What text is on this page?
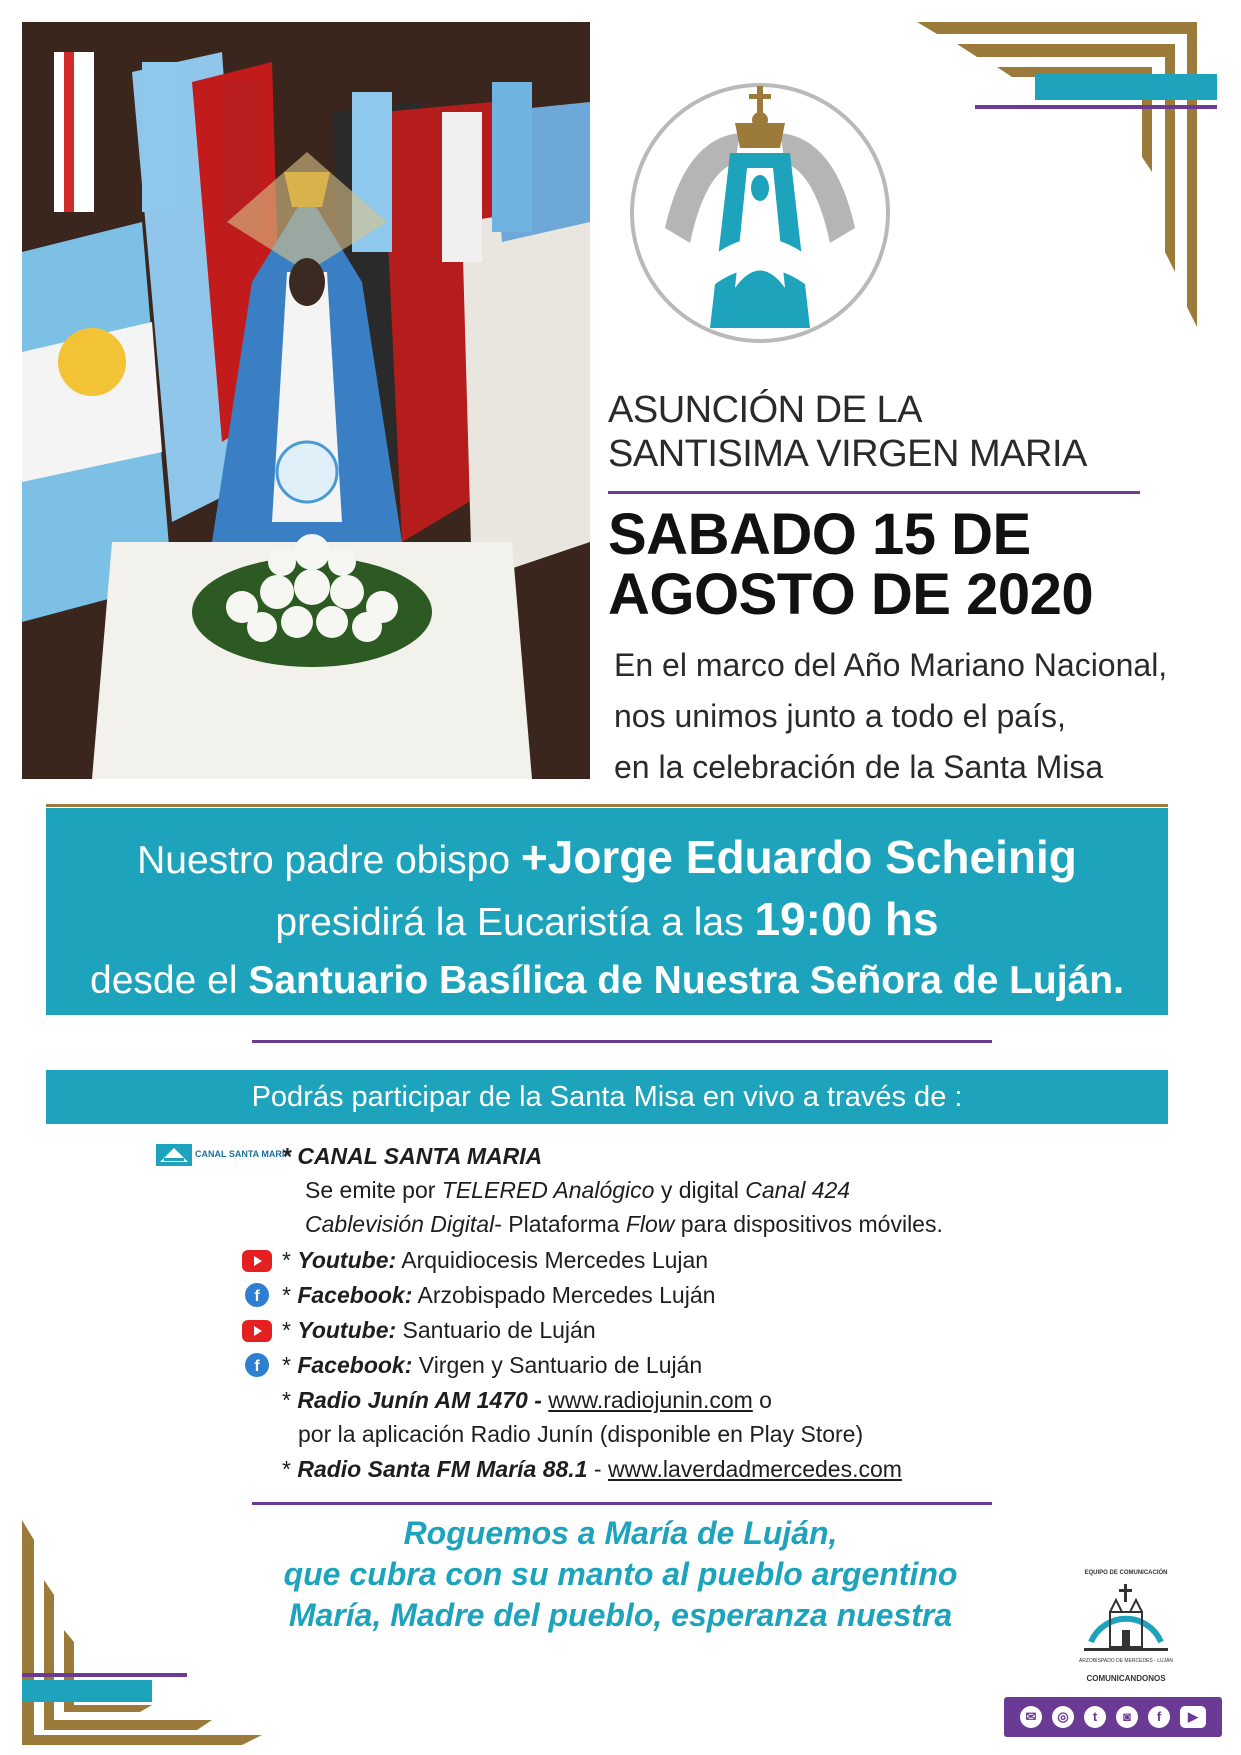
ASUNCIÓN DE LA
SANTISIMA VIRGEN MARIA
SABADO 15 DE
AGOSTO DE 2020
En el marco del Año Mariano Nacional,
nos unimos junto a todo el país,
en la celebración de la Santa Misa
Nuestro padre obispo +Jorge Eduardo Scheinig
presidirá la Eucaristía a las 19:00 hs
desde el Santuario Basílica de Nuestra Señora de Luján.
Podrás participar de la Santa Misa en vivo a través de :
CANAL SANTA MARÍA
* CANAL SANTA MARIA
Se emite por TELERED Analógico y digital Canal 424
Cablevisión Digital- Plataforma Flow para dispositivos móviles.
* Youtube: Arquidiocesis Mercedes Lujan
f * Facebook: Arzobispado Mercedes Luján
* Youtube: Santuario de Luján
f * Facebook: Virgen y Santuario de Luján
* Radio Junín AM 1470 - www.radiojunin.com o
por la aplicación Radio Junín (disponible en Play Store)
* Radio Santa FM María 88.1 - www.laverdadmercedes.com
Roguemos a María de Luján,
que cubra con su manto al pueblo argentino
María, Madre del pueblo, esperanza nuestra
EQUIPO DE COMUNICACIÓN
ARZOBISPADO DE MERCEDES - LUJÁN
COMUNICANDONOS
✉	◎	t	◙	f	▶
